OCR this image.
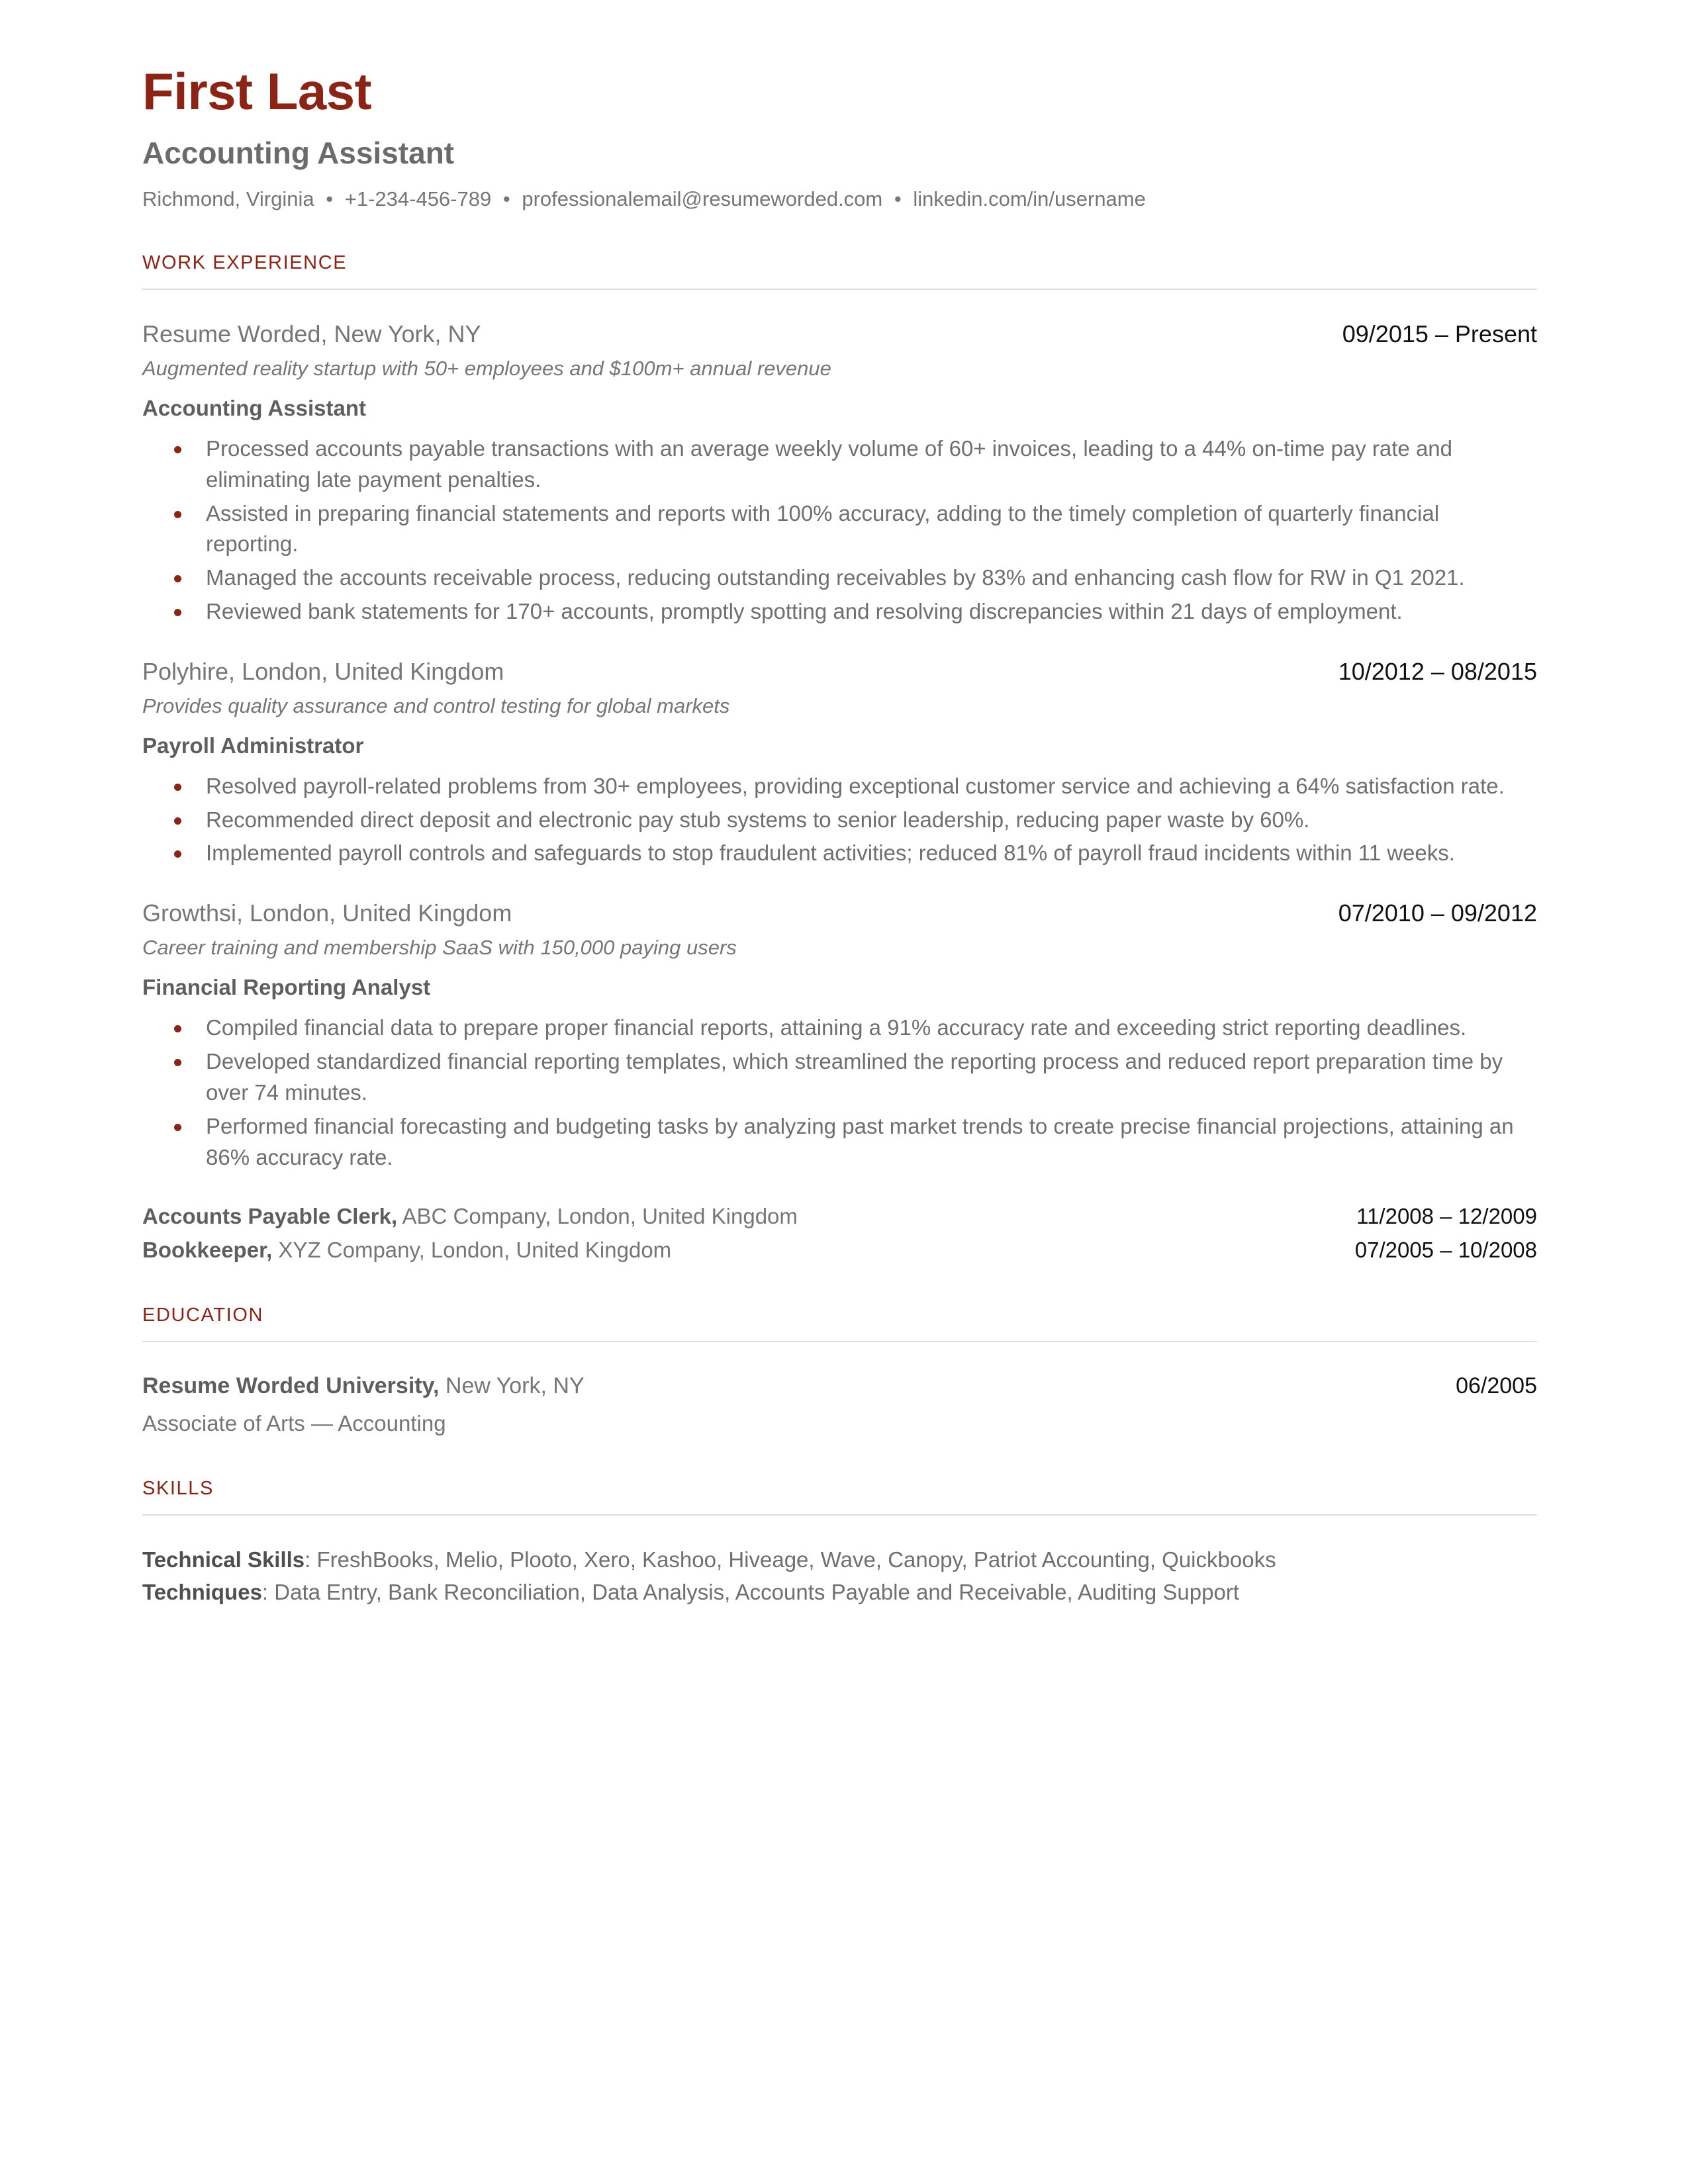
First Last
Accounting Assistant
Richmond, Virginia • +1-234-456-789 • professionalemail@resumeworded.com • linkedin.com/in/username
WORK EXPERIENCE
Resume Worded, New York, NY	09/2015 – Present
Augmented reality startup with 50+ employees and $100m+ annual revenue
Accounting Assistant
Processed accounts payable transactions with an average weekly volume of 60+ invoices, leading to a 44% on-time pay rate and eliminating late payment penalties.
Assisted in preparing financial statements and reports with 100% accuracy, adding to the timely completion of quarterly financial reporting.
Managed the accounts receivable process, reducing outstanding receivables by 83% and enhancing cash flow for RW in Q1 2021.
Reviewed bank statements for 170+ accounts, promptly spotting and resolving discrepancies within 21 days of employment.
Polyhire, London, United Kingdom	10/2012 – 08/2015
Provides quality assurance and control testing for global markets
Payroll Administrator
Resolved payroll-related problems from 30+ employees, providing exceptional customer service and achieving a 64% satisfaction rate.
Recommended direct deposit and electronic pay stub systems to senior leadership, reducing paper waste by 60%.
Implemented payroll controls and safeguards to stop fraudulent activities; reduced 81% of payroll fraud incidents within 11 weeks.
Growthsi, London, United Kingdom	07/2010 – 09/2012
Career training and membership SaaS with 150,000 paying users
Financial Reporting Analyst
Compiled financial data to prepare proper financial reports, attaining a 91% accuracy rate and exceeding strict reporting deadlines.
Developed standardized financial reporting templates, which streamlined the reporting process and reduced report preparation time by over 74 minutes.
Performed financial forecasting and budgeting tasks by analyzing past market trends to create precise financial projections, attaining an 86% accuracy rate.
Accounts Payable Clerk, ABC Company, London, United Kingdom	11/2008 – 12/2009
Bookkeeper, XYZ Company, London, United Kingdom	07/2005 – 10/2008
EDUCATION
Resume Worded University, New York, NY	06/2005
Associate of Arts — Accounting
SKILLS
Technical Skills: FreshBooks, Melio, Plooto, Xero, Kashoo, Hiveage, Wave, Canopy, Patriot Accounting, Quickbooks
Techniques: Data Entry, Bank Reconciliation, Data Analysis, Accounts Payable and Receivable, Auditing Support
